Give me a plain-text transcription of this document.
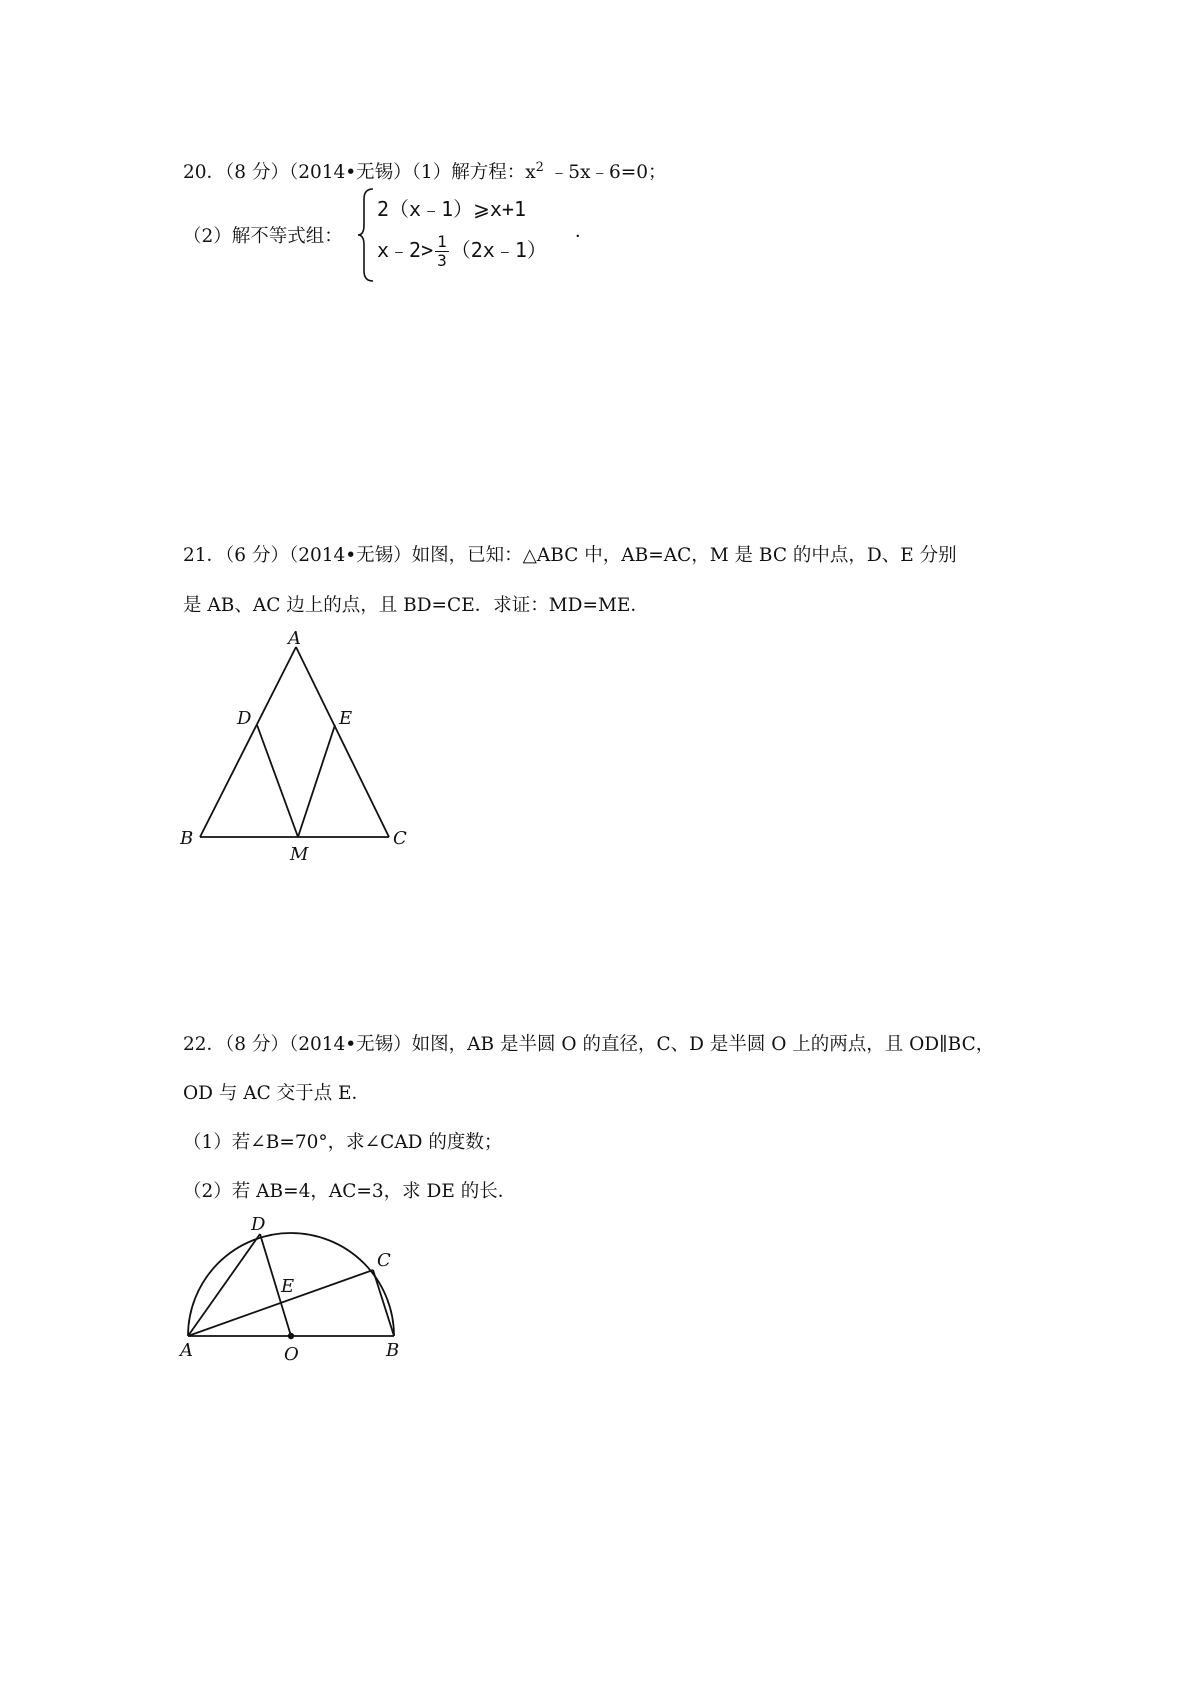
20．（8 分）（2014•无锡）（1）解方程：$x^2$ ﹣5x﹣6=0；
（2）解不等式组：
2（x﹣1）⩾x+1
x﹣2> $\frac{1}{3}$ （2x﹣1）
．
21．（6 分）（2014•无锡）如图，已知：△ABC 中，AB=AC，M 是 BC 的中点，D、E 分别
是 AB、AC 边上的点，且 BD=CE．求证：MD=ME．
A
B	C
D	E
M
22．（8 分）（2014•无锡）如图，AB 是半圆 O 的直径，C、D 是半圆 O 上的两点，且 OD∥BC，
OD 与 AC 交于点 E．
（1）若∠B=70°，求∠CAD 的度数；
（2）若 AB=4，AC=3，求 DE 的长．
D
C
E
A	O	B
